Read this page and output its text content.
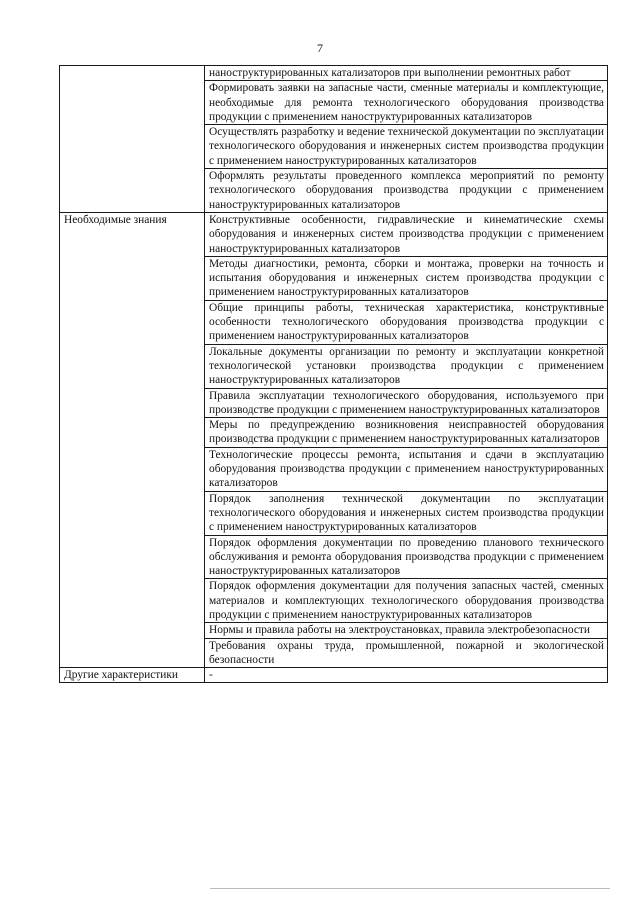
7
	наноструктурированных катализаторов при выполнении ремонтных работ
	Формировать заявки на запасные части, сменные материалы и комплектующие, необходимые для ремонта технологического оборудования производства продукции с применением наноструктурированных катализаторов
	Осуществлять разработку и ведение технической документации по эксплуатации технологического оборудования и инженерных систем производства продукции с применением наноструктурированных катализаторов
	Оформлять результаты проведенного комплекса мероприятий по ремонту технологического оборудования производства продукции с применением наноструктурированных катализаторов
Необходимые знания	Конструктивные особенности, гидравлические и кинематические схемы оборудования и инженерных систем производства продукции с применением наноструктурированных катализаторов
	Методы диагностики, ремонта, сборки и монтажа, проверки на точность и испытания оборудования и инженерных систем производства продукции с применением наноструктурированных катализаторов
	Общие принципы работы, техническая характеристика, конструктивные особенности технологического оборудования производства продукции с применением наноструктурированных катализаторов
	Локальные документы организации по ремонту и эксплуатации конкретной технологической установки производства продукции с применением наноструктурированных катализаторов
	Правила эксплуатации технологического оборудования, используемого при производстве продукции с применением наноструктурированных катализаторов
	Меры по предупреждению возникновения неисправностей оборудования производства продукции с применением наноструктурированных катализаторов
	Технологические процессы ремонта, испытания и сдачи в эксплуатацию оборудования производства продукции с применением наноструктурированных катализаторов
	Порядок заполнения технической документации по эксплуатации технологического оборудования и инженерных систем производства продукции с применением наноструктурированных катализаторов
	Порядок оформления документации по проведению планового технического обслуживания и ремонта оборудования производства продукции с применением наноструктурированных катализаторов
	Порядок оформления документации для получения запасных частей, сменных материалов и комплектующих технологического оборудования производства продукции с применением наноструктурированных катализаторов
	Нормы и правила работы на электроустановках, правила электробезопасности
	Требования охраны труда, промышленной, пожарной и экологической безопасности
Другие характеристики	-
